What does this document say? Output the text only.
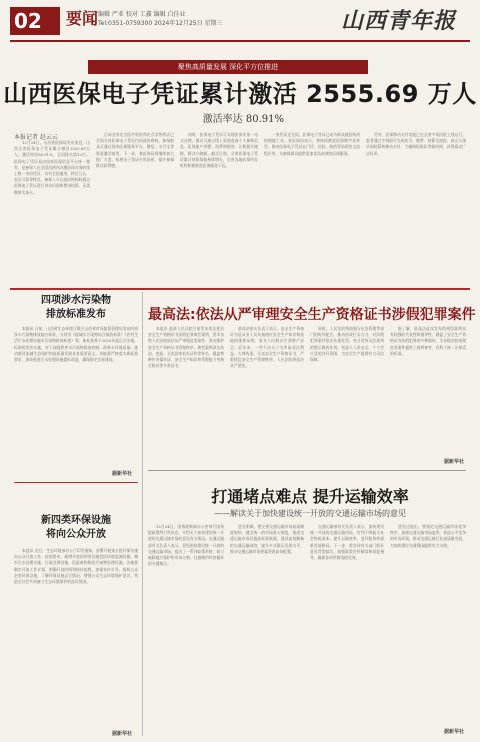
02	要闻 编辑 严亚 校对 工鑫 编辑 白佳业
Tel:0351-0759300 2024年12月25日 星期三	山西青年报
聚焦高质量发展 深化平方位推进
山西医保电子凭证累计激活 2555.69 万人
激活率达 80.91%
本报记者 赵云云

12月24日，山西省医保局发布消息，山西全省医保电子凭证累计激活2555.69万人，激活率达80.91%，全国排名第12位。医保电子凭证是由国家医保信息平台统一签发，是参保人在全国范围内办理医保业务的线上唯一身份凭证，具有全国通用、跨区互认、安全可靠等特点。参保人可在就医购药时通过医保电子凭证进行身份识别和费用结算，无需携带实体卡。

目前全省定点医疗机构和定点零售药店已全面支持医保电子凭证扫码就医购药，参保群众可通过国家医保服务平台、微信、支付宝等渠道激活使用。下一步，省医保局将继续加大推广力度，拓展电子凭证应用场景，提升参保群众获得感。

同时，医保电子凭证可实现医保业务一站式办理，群众可通过线上渠道查询个人参保信息、医保账户余额、消费明细等，让数据多跑路、群众少跑腿。截至目前，全省医保电子凭证累计结算笔数持续增长，全省各地医保经办机构积极推进医保服务下沉。

一张凭证走全国，医保电子凭证已成为群众就医购药的便捷工具。省医保局表示，将持续推进医保数字化转型，推动医保电子凭证在门诊、住院、购药等场景的全流程应用，为参保群众提供更加优质高效的医保服务。

另外，医保移动支付功能已在全省多家医院上线运行，患者通过手机即可完成挂号、缴费、结算全流程，真正实现诊间结算和移动支付，大幅缩短排队等候时间，获得群众广泛好评。

四项涉水污染物
排放标准发布

本报讯 日前，山西省生态环境厅联合山西省市场监督管理局发布四项涉水污染物排放地方标准，分别为《流域水污染物综合排放标准》《农村生活污水处理设施水污染物排放标准》等。新标准将于2025年起正式实施。标准的发布实施，对于加强我省水污染物排放控制、改善水环境质量、推动黄河流域生态保护和高质量发展具有重要意义。各地要严格落实新标准要求，加快推进污水处理设施提标改造，确保稳定达标排放。

据新华社
新四类环保设施
将向公众开放

本报讯 近日，生态环境部办公厅印发通知，部署开展第五批环保设施向公众开放工作。按照要求，新增开放的四类设施包括环境监测设施、城市污水处理设施、垃圾处理设施、危险废物和医疗废物处理设施。各地要制定开放工作计划，明确开放时间和接待流程，加强宣传引导，组织公众走进环保设施，了解环保设施运行情况，增强公众生态环境保护意识，营造全社会共同参与生态环境保护的良好氛围。

据新华社
最高法:依法从严审理安全生产资格证书涉假犯罪案件

本报讯 最高人民法院日前发布依法惩治安全生产资格证书涉假犯罪典型案例，要求各级人民法院依法从严审理此类案件，坚决维护安全生产资格证书管理秩序。典型案例涉及伪造、变造、买卖国家机关证件等罪名，涵盖特种作业操作证、安全生产知识和管理能力考核合格证等多类证书。

最高法相关负责人表示，安全生产资格证书是从业人员具备相应安全生产知识和技能的重要证明，事关人民群众生命财产安全。近年来，一些不法分子为牟取非法利益，大肆伪造、买卖安全生产资格证书，严重扰乱安全生产管理秩序。人民法院将依法从严惩处。

同时，人民法院将加强与应急管理等部门的协作配合，推动形成打击合力，对涉假犯罪案件依法从重处罚，充分发挥司法裁判的警示教育作用，营造人人讲安全、个个会应急的良好氛围，为安全生产提供有力司法保障。

据了解，最高法此次发布的典型案例具有较强的代表性和指导性，涵盖了安全生产资格证书涉假犯罪的多种情形，为各级法院审理此类案件提供了裁判参考，有利于统一法律适用标准。

据新华社
打通堵点难点 提升运输效率
——解读关于加快建设统一开放的交通运输市场的意见

12月24日，国务院新闻办公室举行国务院政策例行吹风会，介绍关于加快建设统一开放的交通运输市场的意见有关情况。交通运输部有关负责人表示，意见围绕建设统一开放的交通运输市场，提出了一系列政策举措，着力破除地方保护和市场分割，打通制约经济循环的关键堵点。

意见明确，要完善交通运输市场基础制度规则，健全统一的市场准入制度，推进交通运输市场设施高标准联通，建设高效顺畅的交通运输网络，提升多式联运发展水平，推动交通运输市场要素资源高效配置。

交通运输部有关负责人表示，加快建设统一开放的交通运输市场，有利于降低全社会物流成本，提升运输效率，更好服务构建新发展格局。下一步，将会同有关部门抓好意见贯彻落实，加强政策宣传解读和督促指导，确保各项举措落地见效。

意见还提出，要规范交通运输市场竞争秩序，加强交通运输市场监管，营造公平竞争的市场环境，推动交通运输行业高质量发展，为加快建设交通强国提供有力支撑。

据新华社
